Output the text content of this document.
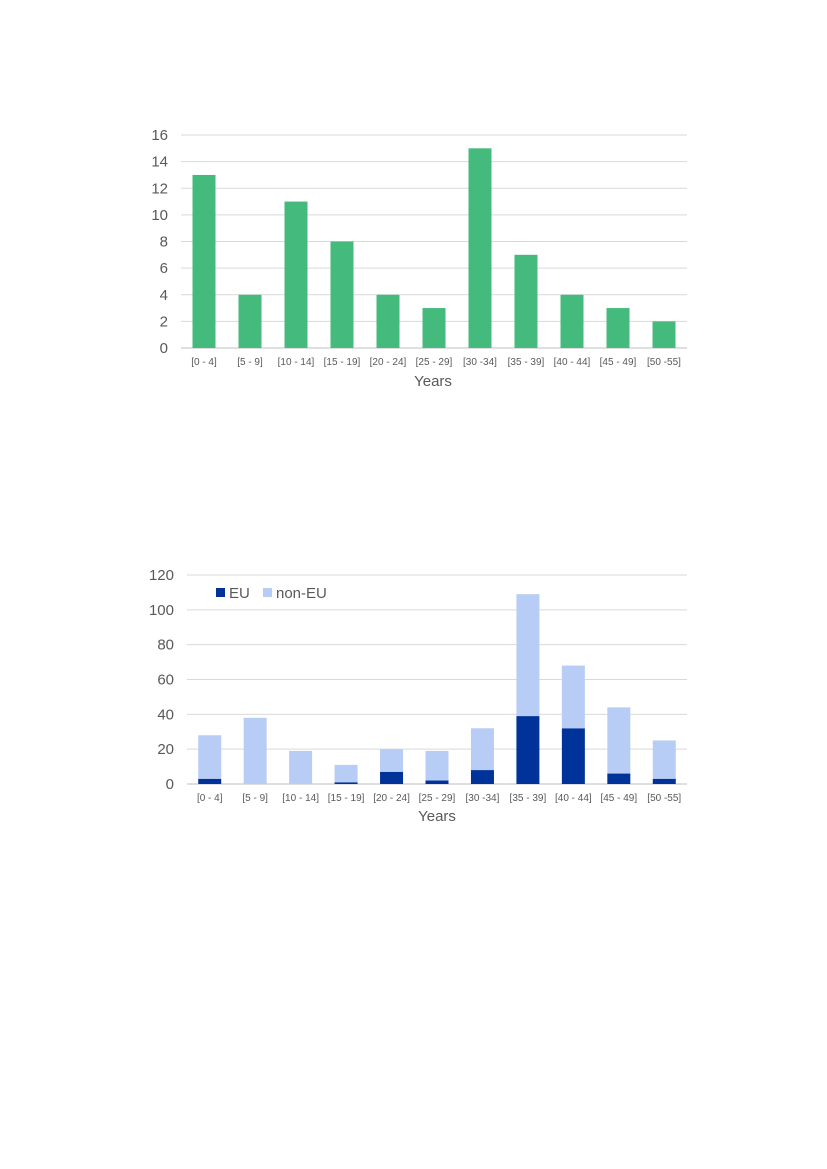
0
2
4
6
8
10
12
14
16
[0 - 4] [5 - 9] [10 - 14] [15 - 19] [20 - 24] [25 - 29] [30 -34] [35 - 39] [40 - 44] [45 - 49] [50 -55]
Years
0
20
40
60
80
100
120
[0 - 4] [5 - 9] [10 - 14] [15 - 19] [20 - 24] [25 - 29] [30 -34] [35 - 39] [40 - 44] [45 - 49] [50 -55]
EU non-EU
Years
